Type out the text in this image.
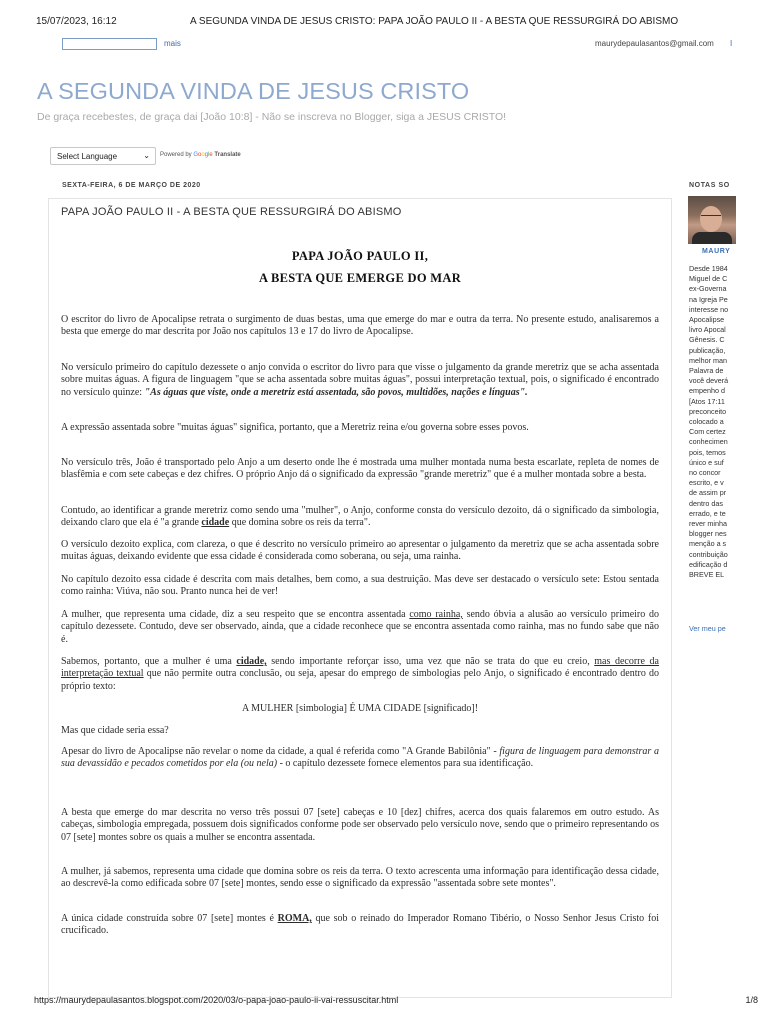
15/07/2023, 16:12	A SEGUNDA VINDA DE JESUS CRISTO: PAPA JOÃO PAULO II - A BESTA QUE RESSURGIRÁ DO ABISMO
mais	maurydepaulasantos@gmail.com I
A SEGUNDA VINDA DE JESUS CRISTO
De graça recebestes, de graça dai [João 10:8] - Não se inscreva no Blogger, siga a JESUS CRISTO!
Select Language	⌄ Powered by Google Translate
SEXTA-FEIRA, 6 DE MARÇO DE 2020
PAPA JOÃO PAULO II - A BESTA QUE RESSURGIRÁ DO ABISMO
PAPA JOÃO PAULO II,
A BESTA QUE EMERGE DO MAR
O escritor do livro de Apocalipse retrata o surgimento de duas bestas, uma que emerge do mar e outra da terra. No presente estudo, analisaremos a besta que emerge do mar descrita por João nos capítulos 13 e 17 do livro de Apocalipse.
No versículo primeiro do capítulo dezessete o anjo convida o escritor do livro para que visse o julgamento da grande meretriz que se acha assentada sobre muitas águas. A figura de linguagem "que se acha assentada sobre muitas águas", possui interpretação textual, pois, o significado é encontrado no versículo quinze: "As águas que viste, onde a meretriz está assentada, são povos, multidões, nações e línguas".
A expressão assentada sobre "muitas águas" significa, portanto, que a Meretriz reina e/ou governa sobre esses povos.
No versículo três, João é transportado pelo Anjo a um deserto onde lhe é mostrada uma mulher montada numa besta escarlate, repleta de nomes de blasfêmia e com sete cabeças e dez chifres. O próprio Anjo dá o significado da expressão "grande meretriz" que é a mulher montada sobre a besta.
Contudo, ao identificar a grande meretriz como sendo uma "mulher", o Anjo, conforme consta do versículo dezoito, dá o significado da simbologia, deixando claro que ela é "a grande cidade que domina sobre os reis da terra".
O versículo dezoito explica, com clareza, o que é descrito no versículo primeiro ao apresentar o julgamento da meretriz que se acha assentada sobre muitas águas, deixando evidente que essa cidade é considerada como soberana, ou seja, uma rainha.
No capítulo dezoito essa cidade é descrita com mais detalhes, bem como, a sua destruição. Mas deve ser destacado o versículo sete: Estou sentada como rainha: Viúva, não sou. Pranto nunca hei de ver!
A mulher, que representa uma cidade, diz a seu respeito que se encontra assentada como rainha, sendo óbvia a alusão ao versículo primeiro do capítulo dezessete. Contudo, deve ser observado, ainda, que a cidade reconhece que se encontra assentada como rainha, mas no fundo sabe que não é.
Sabemos, portanto, que a mulher é uma cidade, sendo importante reforçar isso, uma vez que não se trata do que eu creio, mas decorre da interpretação textual que não permite outra conclusão, ou seja, apesar do emprego de simbologias pelo Anjo, o significado é encontrado dentro do próprio texto:
A MULHER [simbologia] É UMA CIDADE [significado]!
Mas que cidade seria essa?
Apesar do livro de Apocalipse não revelar o nome da cidade, a qual é referida como "A Grande Babilônia" - figura de linguagem para demonstrar a sua devassidão e pecados cometidos por ela (ou nela) - o capítulo dezessete fornece elementos para sua identificação.
A besta que emerge do mar descrita no verso três possui 07 [sete] cabeças e 10 [dez] chifres, acerca dos quais falaremos em outro estudo. As cabeças, simbologia empregada, possuem dois significados conforme pode ser observado pelo versículo nove, sendo que o primeiro representando os 07 [sete] montes sobre os quais a mulher se encontra assentada.
A mulher, já sabemos, representa uma cidade que domina sobre os reis da terra. O texto acrescenta uma informação para identificação dessa cidade, ao descrevê-la como edificada sobre 07 [sete] montes, sendo esse o significado da expressão "assentada sobre sete montes".
A única cidade construída sobre 07 [sete] montes é ROMA, que sob o reinado do Imperador Romano Tibério, o Nosso Senhor Jesus Cristo foi crucificado.
NOTAS SO
MAURY
Desde 1984
Miguel de C
ex-Governa
na Igreja Pe
interesse no
Apocalipse
livro Apocal
Gênesis. C
publicação,
melhor man
Palavra de
você deverá
empenho d
[Atos 17:11
preconceito
colocado a
Com certez
conhecimen
pois, temos
único e suf
no concor
escrito, e v
de assim pr
dentro das
errado, e te
rever minha
blogger nes
menção a s
contribuição
edificação d
BREVE EL
Ver meu pe
https://maurydepaulasantos.blogspot.com/2020/03/o-papa-joao-paulo-ii-vai-ressuscitar.html	1/8
